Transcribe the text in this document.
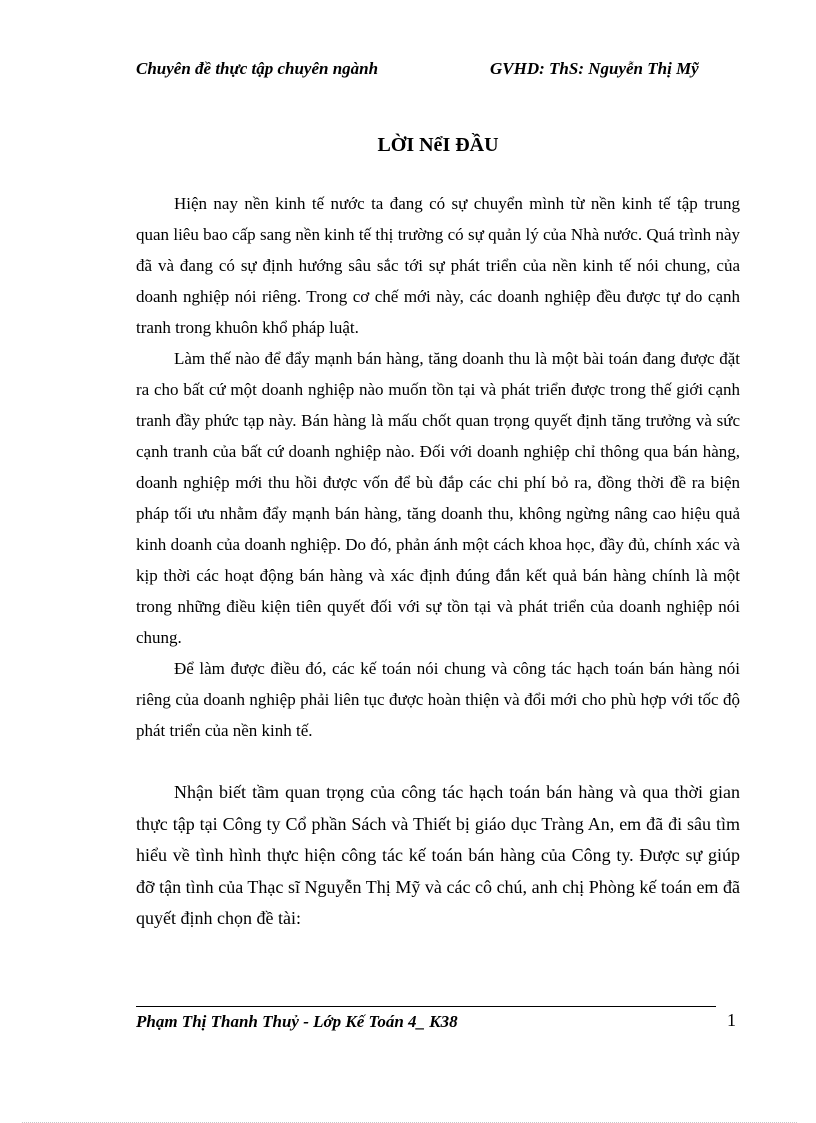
Chuyên đề thực tập chuyên ngành	GVHD: ThS: Nguyễn Thị Mỹ
LỜI NểI ĐẦU

Hiện nay nền kinh tế nước ta đang có sự chuyển mình từ nền kinh tế tập trung quan liêu bao cấp sang nền kinh tế thị trường có sự quản lý của Nhà nước. Quá trình này đã và đang có sự định hướng sâu sắc tới sự phát triển của nền kinh tế nói chung, của doanh nghiệp nói riêng. Trong cơ chế mới này, các doanh nghiệp đều được tự do cạnh tranh trong khuôn khổ pháp luật.

Làm thế nào để đẩy mạnh bán hàng, tăng doanh thu là một bài toán đang được đặt ra cho bất cứ một doanh nghiệp nào muốn tồn tại và phát triển được trong thế giới cạnh tranh đầy phức tạp này. Bán hàng là mấu chốt quan trọng quyết định tăng trưởng và sức cạnh tranh của bất cứ doanh nghiệp nào. Đối với doanh nghiệp chỉ thông qua bán hàng, doanh nghiệp mới thu hồi được vốn để bù đắp các chi phí bỏ ra, đồng thời đề ra biện pháp tối ưu nhằm đẩy mạnh bán hàng, tăng doanh thu, không ngừng nâng cao hiệu quả kinh doanh của doanh nghiệp. Do đó, phản ánh một cách khoa học, đầy đủ, chính xác và kịp thời các hoạt động bán hàng và xác định đúng đắn kết quả bán hàng chính là một trong những điều kiện tiên quyết đối với sự tồn tại và phát triển của doanh nghiệp nói chung.

Để làm được điều đó, các kế toán nói chung và công tác hạch toán bán hàng nói riêng của doanh nghiệp phải liên tục được hoàn thiện và đổi mới cho phù hợp với tốc độ phát triển của nền kinh tế.

Nhận biết tầm quan trọng của công tác hạch toán bán hàng và qua thời gian thực tập tại Công ty Cổ phần Sách và Thiết bị giáo dục Tràng An, em đã đi sâu tìm hiểu về tình hình thực hiện công tác kế toán bán hàng của Công ty. Được sự giúp đỡ tận tình của Thạc sĩ Nguyễn Thị Mỹ và các cô chú, anh chị Phòng kế toán em đã quyết định chọn đề tài:

Phạm Thị Thanh Thuỷ - Lớp Kế Toán 4_ K38	1
